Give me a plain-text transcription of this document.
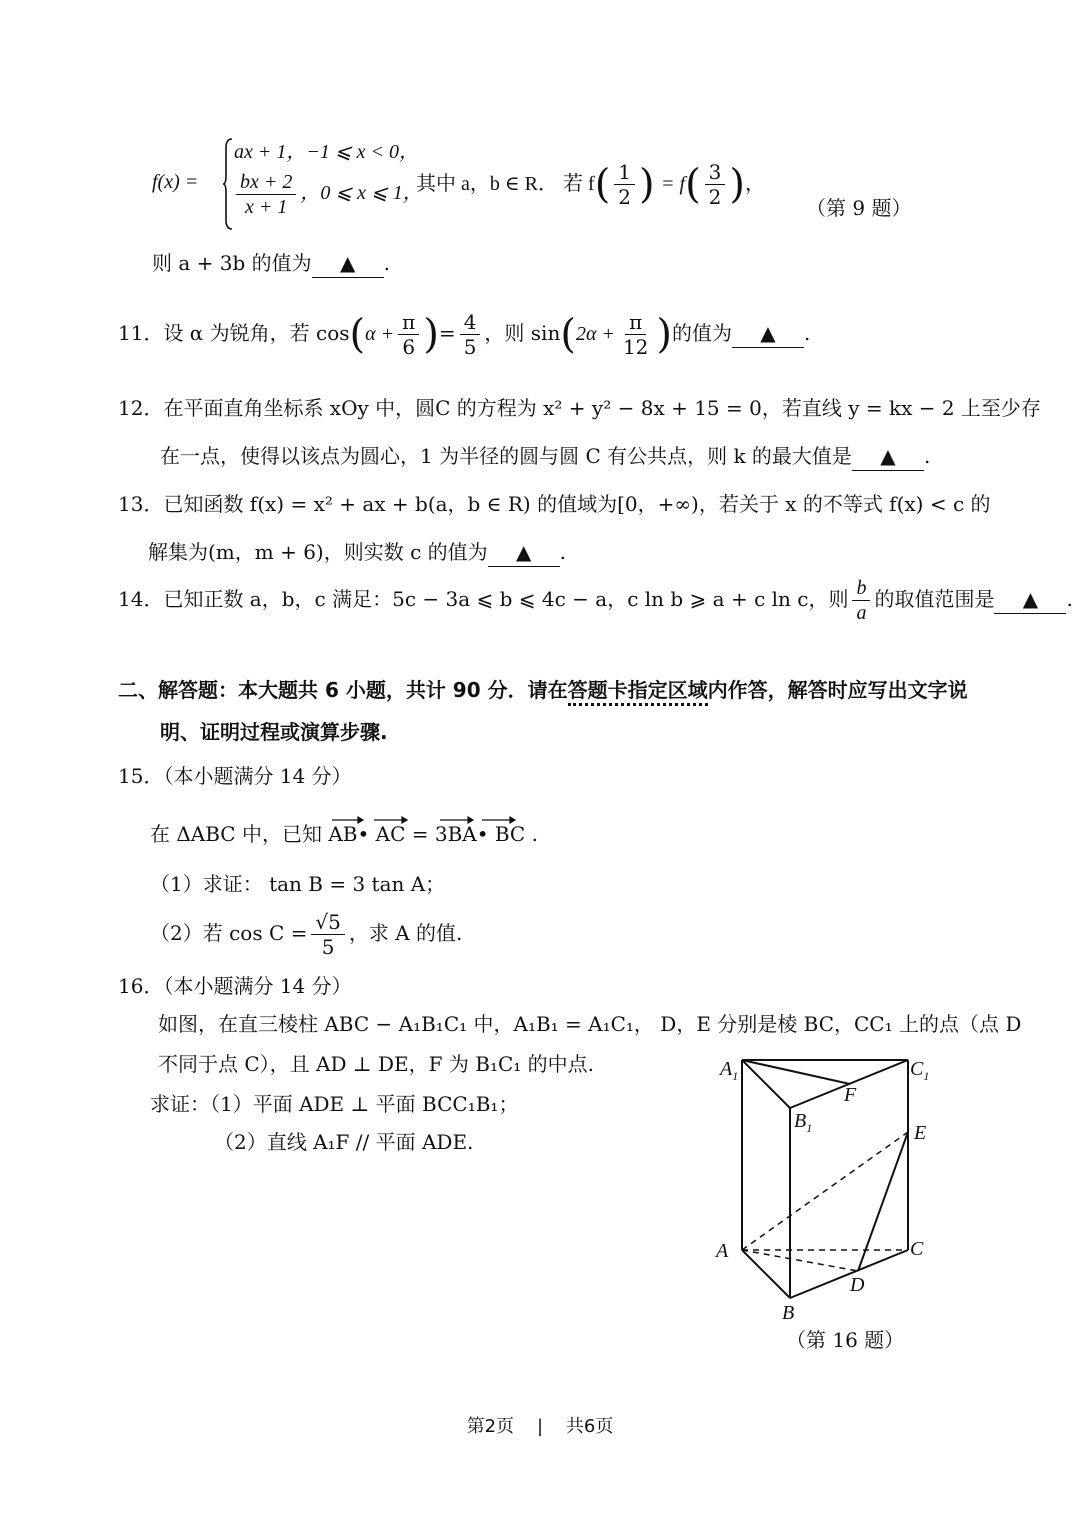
f(x) =
ax + 1，−1 ⩽ x < 0，
$\frac{bx + 2}{x + 1}$ ，0 ⩽ x ⩽ 1，
其中 a，b ∈ R． 若 $f( \frac{1}{2}$ ) = $f( \frac{3}{2}$ )，
（第 9 题）
则 a + 3b 的值为 ▲ .
11．设 α 为锐角，若 $\cos(\alpha + \frac{\pi}{6}$ )= $\frac{4}{5}$ ，则 $\sin(2\alpha + \frac{\pi}{12}$ )的值为 ▲ .
12．在平面直角坐标系 xOy 中，圆C 的方程为 x² + y² − 8x + 15 = 0，若直线 y = kx − 2 上至少存
在一点，使得以该点为圆心，1 为半径的圆与圆 C 有公共点，则 k 的最大值是 ▲ .
13．已知函数 f(x) = x² + ax + b(a，b ∈ R) 的值域为[0，+∞)，若关于 x 的不等式 f(x) < c 的
解集为(m，m + 6)，则实数 c 的值为 ▲ .
14．已知正数 a，b，c 满足：5c − 3a ⩽ b ⩽ 4c − a，c ln b ⩾ a + c ln c，则 $\frac{b}{a}$ 的取值范围是 ▲ .
二、解答题：本大题共 6 小题，共计 90 分．请在答题卡指定区域内作答，解答时应写出文字说
明、证明过程或演算步骤.
15．（本小题满分 14 分）
在 ΔABC 中，已知 AB• AC = 3BA• BC .
（1）求证： tan B = 3 tan A；
（2）若 $\cos C = \frac{√5}{5}$ ，求 A 的值.
16．（本小题满分 14 分）
如图，在直三棱柱 ABC − A₁B₁C₁ 中，A₁B₁ = A₁C₁， D，E 分别是棱 BC，CC₁ 上的点（点 D
不同于点 C），且 AD ⊥ DE，F 为 B₁C₁ 的中点.
求证：（1）平面 ADE ⊥ 平面 BCC₁B₁；
（2）直线 A₁F // 平面 ADE.
$A_1$	$C_1$
F
$B_1$	E
A	C
D
B
（第 16 题）
第2页 | 共6页
